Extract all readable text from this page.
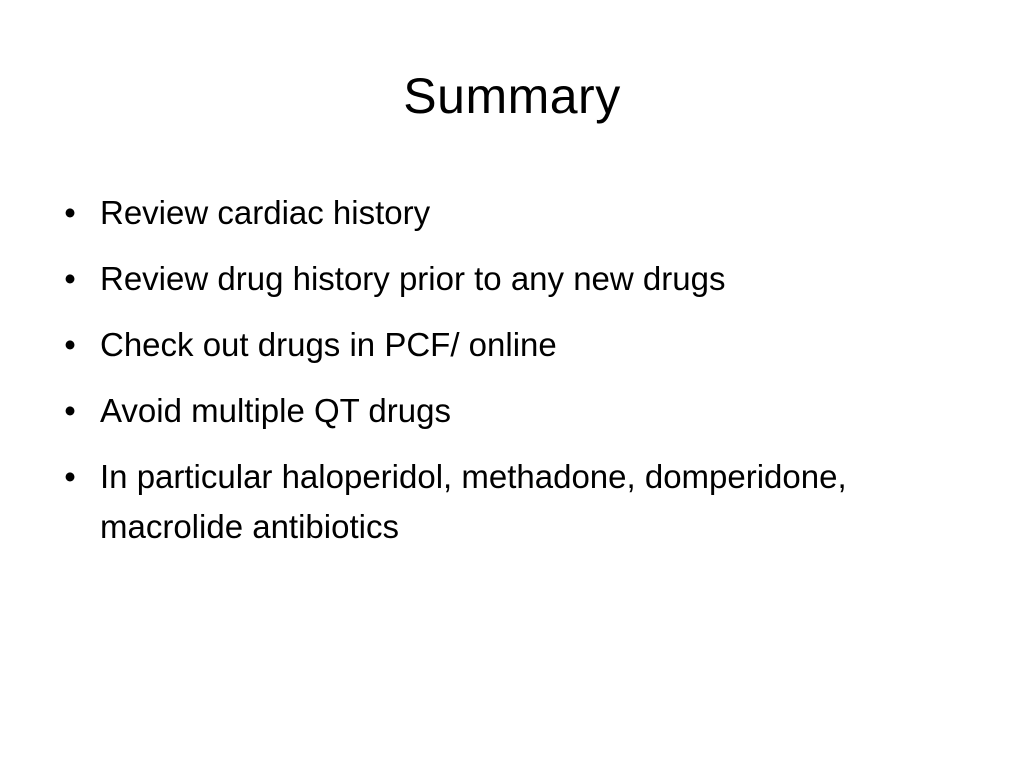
Summary
• Review cardiac history
• Review drug history prior to any new drugs
• Check out drugs in PCF/ online
• Avoid multiple QT drugs
• In particular haloperidol, methadone, domperidone, macrolide antibiotics
